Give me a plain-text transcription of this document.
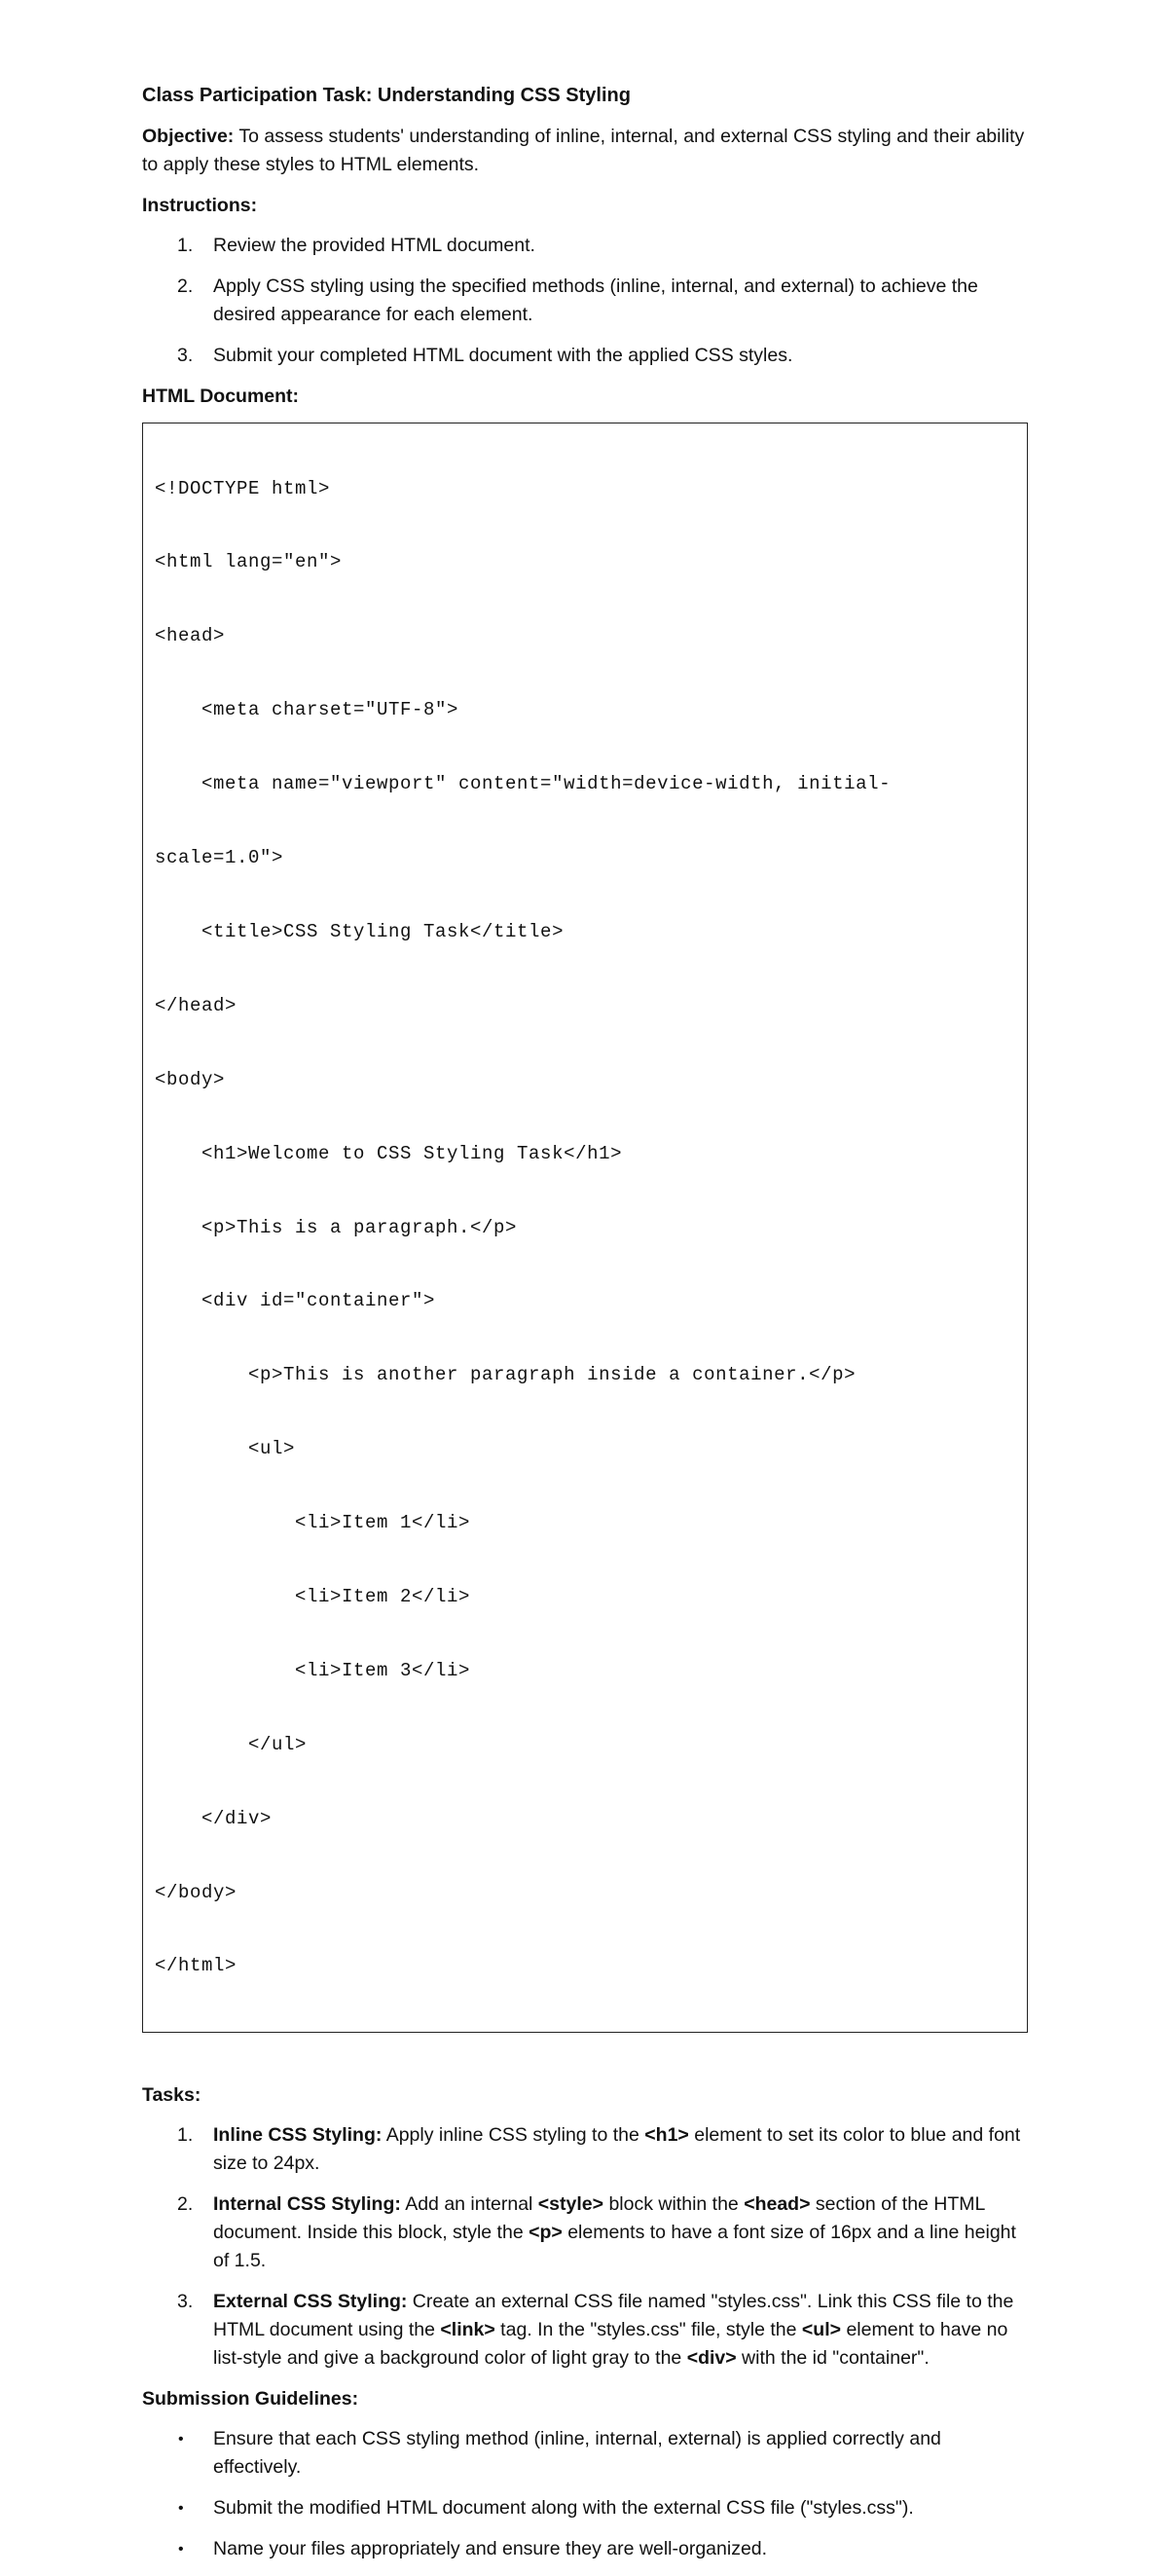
Class Participation Task: Understanding CSS Styling

Objective: To assess students' understanding of inline, internal, and external CSS styling and their ability to apply these styles to HTML elements.

Instructions:

1. Review the provided HTML document.
2. Apply CSS styling using the specified methods (inline, internal, and external) to achieve the desired appearance for each element.
3. Submit your completed HTML document with the applied CSS styles.

HTML Document:

<!DOCTYPE html>

<html lang="en">

<head>

<meta charset="UTF-8">

<meta name="viewport" content="width=device-width, initial-

scale=1.0">

<title>CSS Styling Task</title>

</head>

<body>

<h1>Welcome to CSS Styling Task</h1>

<p>This is a paragraph.</p>

<div id="container">

<p>This is another paragraph inside a container.</p>

<ul>

<li>Item 1</li>

<li>Item 2</li>

<li>Item 3</li>

</ul>

</div>

</body>

</html>

Tasks:

1. Inline CSS Styling: Apply inline CSS styling to the <h1> element to set its color to blue and font size to 24px.
2. Internal CSS Styling: Add an internal <style> block within the <head> section of the HTML document. Inside this block, style the <p> elements to have a font size of 16px and a line height of 1.5.
3. External CSS Styling: Create an external CSS file named "styles.css". Link this CSS file to the HTML document using the <link> tag. In the "styles.css" file, style the <ul> element to have no list-style and give a background color of light gray to the <div> with the id "container".

Submission Guidelines:

• Ensure that each CSS styling method (inline, internal, external) is applied correctly and effectively.
• Submit the modified HTML document along with the external CSS file ("styles.css").
• Name your files appropriately and ensure they are well-organized.
